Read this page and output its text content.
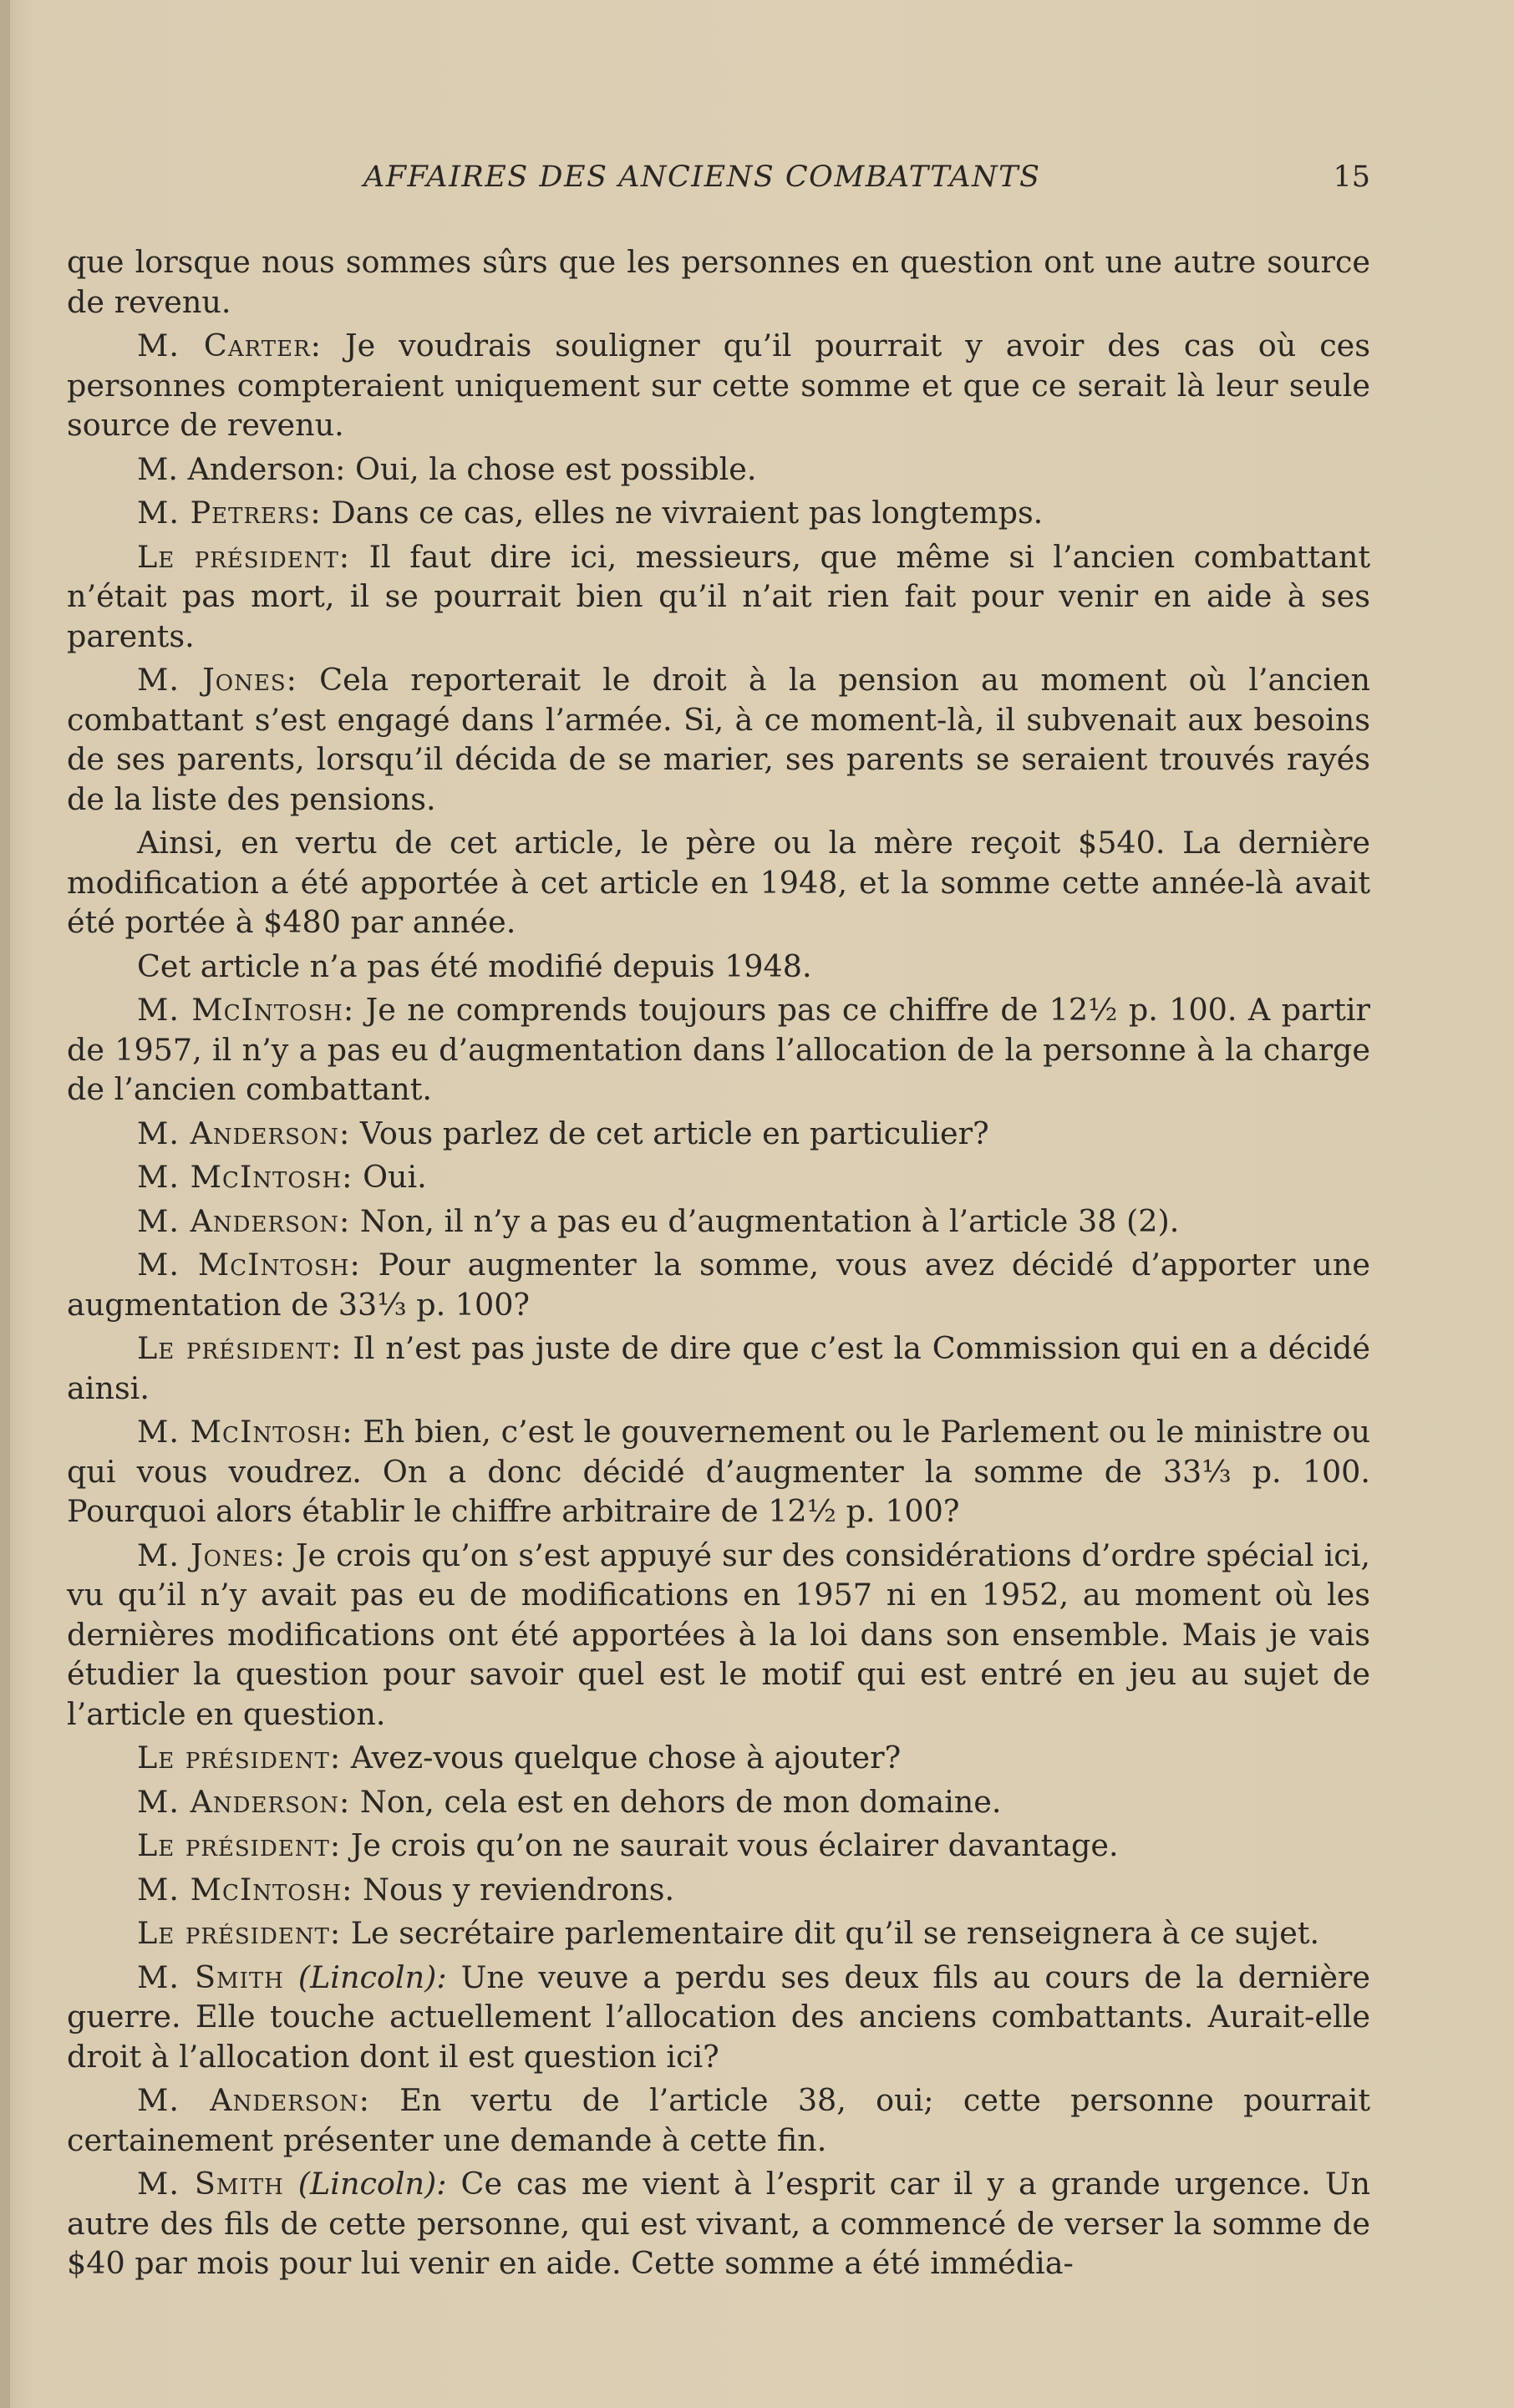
AFFAIRES DES ANCIENS COMBATTANTS	15

que lorsque nous sommes sûrs que les personnes en question ont une autre source de revenu.

M. Carter: Je voudrais souligner qu’il pourrait y avoir des cas où ces personnes compteraient uniquement sur cette somme et que ce serait là leur seule source de revenu.

M. Anderson: Oui, la chose est possible.

M. Petrers: Dans ce cas, elles ne vivraient pas longtemps.

Le président: Il faut dire ici, messieurs, que même si l’ancien combattant n’était pas mort, il se pourrait bien qu’il n’ait rien fait pour venir en aide à ses parents.

M. Jones: Cela reporterait le droit à la pension au moment où l’ancien combattant s’est engagé dans l’armée. Si, à ce moment-là, il subvenait aux besoins de ses parents, lorsqu’il décida de se marier, ses parents se seraient trouvés rayés de la liste des pensions.

Ainsi, en vertu de cet article, le père ou la mère reçoit $540. La dernière modification a été apportée à cet article en 1948, et la somme cette année-là avait été portée à $480 par année.

Cet article n’a pas été modifié depuis 1948.

M. McIntosh: Je ne comprends toujours pas ce chiffre de 12½ p. 100. A partir de 1957, il n’y a pas eu d’augmentation dans l’allocation de la personne à la charge de l’ancien combattant.

M. Anderson: Vous parlez de cet article en particulier?

M. McIntosh: Oui.

M. Anderson: Non, il n’y a pas eu d’augmentation à l’article 38 (2).

M. McIntosh: Pour augmenter la somme, vous avez décidé d’apporter une augmentation de 33⅓ p. 100?

Le président: Il n’est pas juste de dire que c’est la Commission qui en a décidé ainsi.

M. McIntosh: Eh bien, c’est le gouvernement ou le Parlement ou le ministre ou qui vous voudrez. On a donc décidé d’augmenter la somme de 33⅓ p. 100. Pourquoi alors établir le chiffre arbitraire de 12½ p. 100?

M. Jones: Je crois qu’on s’est appuyé sur des considérations d’ordre spécial ici, vu qu’il n’y avait pas eu de modifications en 1957 ni en 1952, au moment où les dernières modifications ont été apportées à la loi dans son ensemble. Mais je vais étudier la question pour savoir quel est le motif qui est entré en jeu au sujet de l’article en question.

Le président: Avez-vous quelque chose à ajouter?

M. Anderson: Non, cela est en dehors de mon domaine.

Le président: Je crois qu’on ne saurait vous éclairer davantage.

M. McIntosh: Nous y reviendrons.

Le président: Le secrétaire parlementaire dit qu’il se renseignera à ce sujet.

M. Smith (Lincoln): Une veuve a perdu ses deux fils au cours de la dernière guerre. Elle touche actuellement l’allocation des anciens combattants. Aurait-elle droit à l’allocation dont il est question ici?

M. Anderson: En vertu de l’article 38, oui; cette personne pourrait certainement présenter une demande à cette fin.

M. Smith (Lincoln): Ce cas me vient à l’esprit car il y a grande urgence. Un autre des fils de cette personne, qui est vivant, a commencé de verser la somme de $40 par mois pour lui venir en aide. Cette somme a été immédia-
